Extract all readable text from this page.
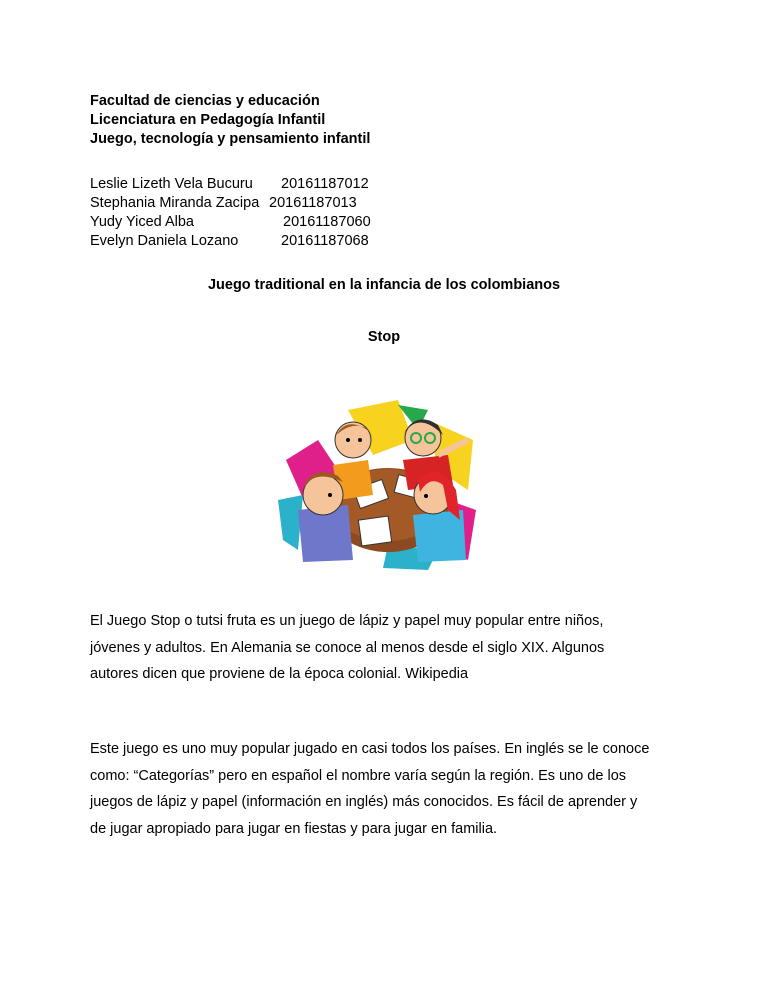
Facultad de ciencias y educación
Licenciatura en Pedagogía Infantil
Juego, tecnología y pensamiento infantil
Leslie Lizeth Vela Bucuru 20161187012
Stephania Miranda Zacipa 20161187013
Yudy Yiced Alba	20161187060
Evelyn Daniela Lozano	20161187068
Juego traditional en la infancia de los colombianos
Stop
El Juego Stop o tutsi fruta es un juego de lápiz y papel muy popular entre niños,
jóvenes y adultos. En Alemania se conoce al menos desde el siglo XIX. Algunos
autores dicen que proviene de la época colonial. Wikipedia
Este juego es uno muy popular jugado en casi todos los países. En inglés se le conoce
como: “Categorías” pero en español el nombre varía según la región. Es uno de los
juegos de lápiz y papel (información en inglés) más conocidos. Es fácil de aprender y
de jugar apropiado para jugar en fiestas y para jugar en familia.
